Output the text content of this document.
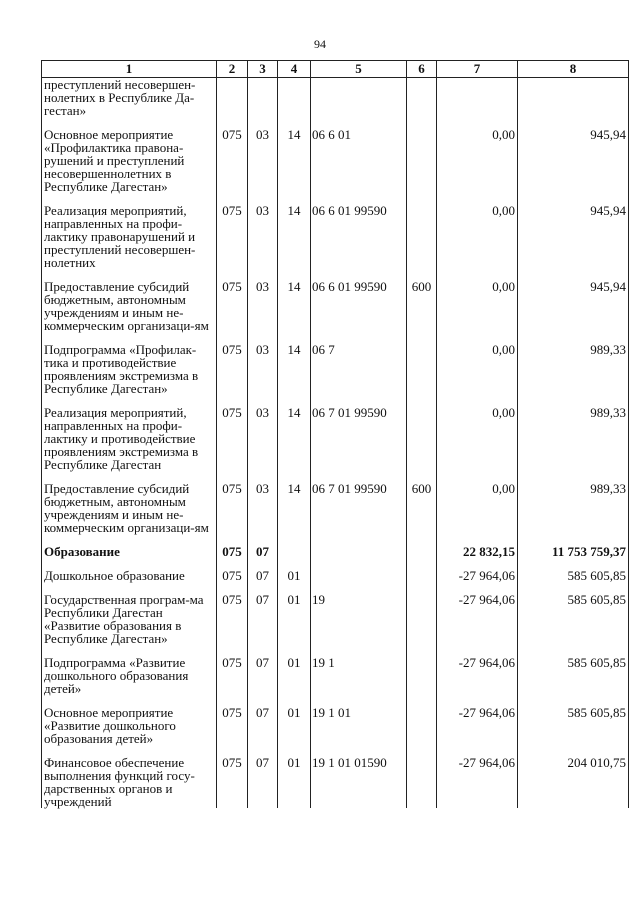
94
1	2	3	4	5	6	7	8
преступлений несовершен-нолетних в Республике Да-гестан»							

Основное мероприятие «Профилактика правона-рушений и преступлений несовершеннолетних в Республике Дагестан»	075	03	14	06 6 01		0,00	945,94

Реализация мероприятий, направленных на профи-лактику правонарушений и преступлений несовершен-нолетних	075	03	14	06 6 01 99590		0,00	945,94

Предоставление субсидий бюджетным, автономным учреждениям и иным не-коммерческим организаци-ям	075	03	14	06 6 01 99590	600	0,00	945,94

Подпрограмма «Профилак-тика и противодействие проявлениям экстремизма в Республике Дагестан»	075	03	14	06 7		0,00	989,33

Реализация мероприятий, направленных на профи-лактику и противодействие проявлениям экстремизма в Республике Дагестан	075	03	14	06 7 01 99590		0,00	989,33

Предоставление субсидий бюджетным, автономным учреждениям и иным не-коммерческим организаци-ям	075	03	14	06 7 01 99590	600	0,00	989,33

Образование	075	07				22 832,15	11 753 759,37

Дошкольное образование	075	07	01			-27 964,06	585 605,85

Государственная програм-ма Республики Дагестан «Развитие образования в Республике Дагестан»	075	07	01	19		-27 964,06	585 605,85

Подпрограмма «Развитие дошкольного образования детей»	075	07	01	19 1		-27 964,06	585 605,85

Основное мероприятие «Развитие дошкольного образования детей»	075	07	01	19 1 01		-27 964,06	585 605,85

Финансовое обеспечение выполнения функций госу-дарственных органов и учреждений	075	07	01	19 1 01 01590		-27 964,06	204 010,75
